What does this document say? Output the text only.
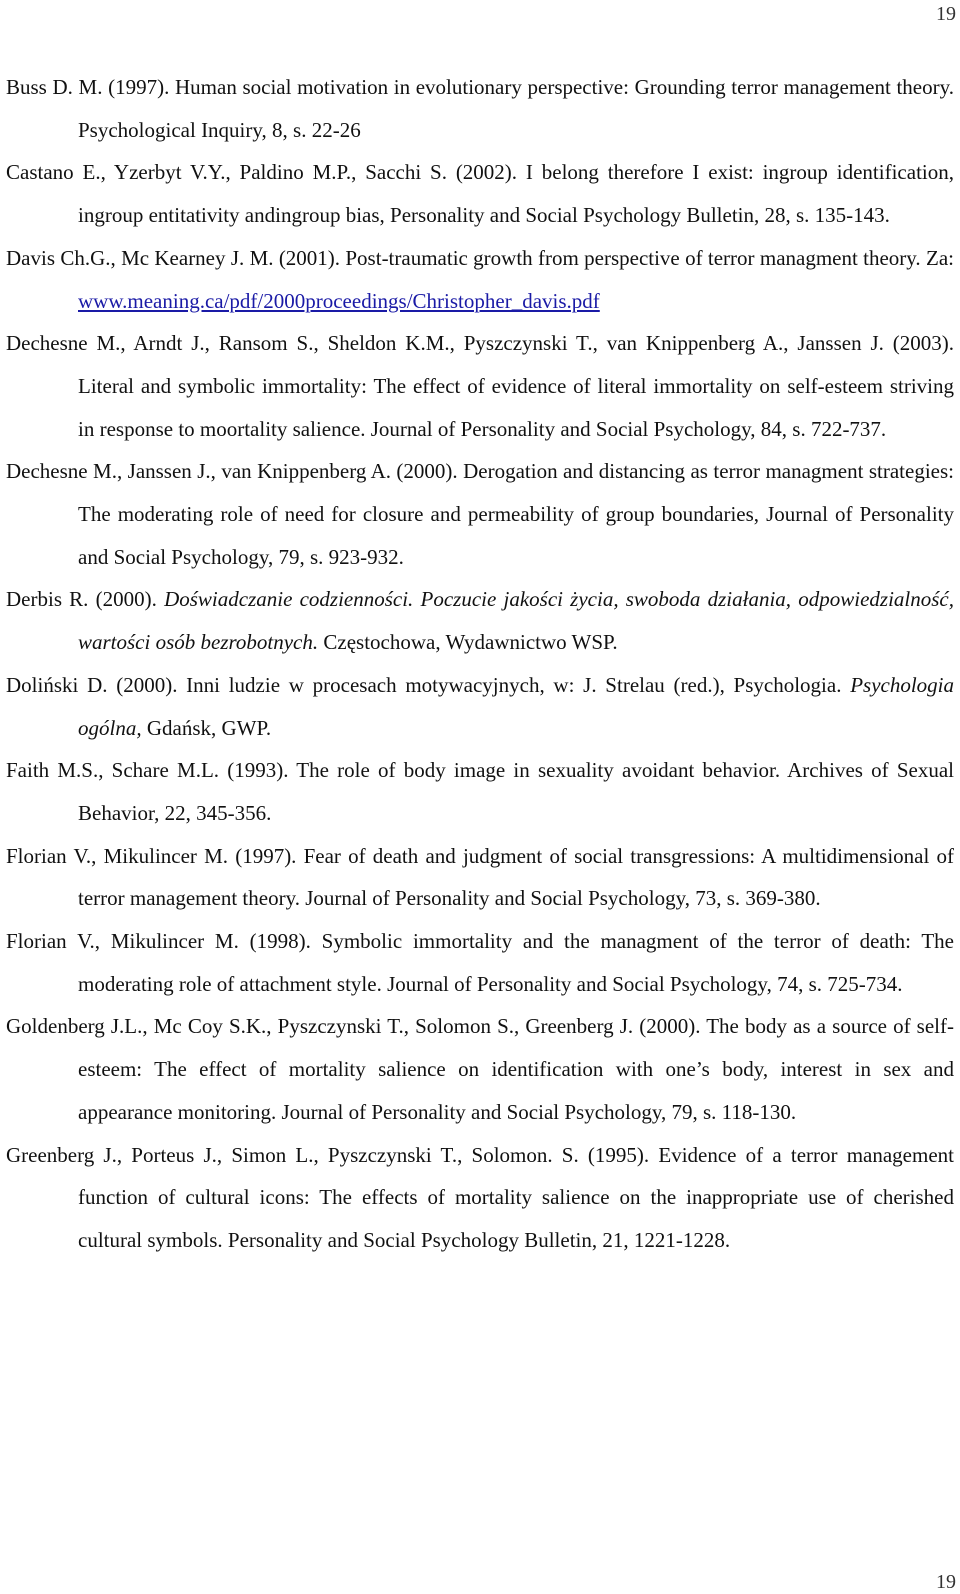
19
Buss D. M. (1997). Human social motivation in evolutionary perspective: Grounding terror management theory. Psychological Inquiry, 8, s. 22-26
Castano E., Yzerbyt V.Y., Paldino M.P., Sacchi S. (2002). I belong therefore I exist: ingroup identification, ingroup entitativity andingroup bias, Personality and Social Psychology Bulletin, 28, s. 135-143.
Davis Ch.G., Mc Kearney J. M. (2001). Post-traumatic growth from perspective of terror managment theory. Za: www.meaning.ca/pdf/2000proceedings/Christopher_davis.pdf
Dechesne M., Arndt J., Ransom S., Sheldon K.M., Pyszczynski T., van Knippenberg A., Janssen J. (2003). Literal and symbolic immortality: The effect of evidence of literal immortality on self-esteem striving in response to moortality salience. Journal of Personality and Social Psychology, 84, s. 722-737.
Dechesne M., Janssen J., van Knippenberg A. (2000). Derogation and distancing as terror managment strategies: The moderating role of need for closure and permeability of group boundaries, Journal of Personality and Social Psychology, 79, s. 923-932.
Derbis R. (2000). Doświadczanie codzienności. Poczucie jakości życia, swoboda działania, odpowiedzialność, wartości osób bezrobotnych. Częstochowa, Wydawnictwo WSP.
Doliński D. (2000). Inni ludzie w procesach motywacyjnych, w: J. Strelau (red.), Psychologia. Psychologia ogólna, Gdańsk, GWP.
Faith M.S., Schare M.L. (1993). The role of body image in sexuality avoidant behavior. Archives of Sexual Behavior, 22, 345-356.
Florian V., Mikulincer M. (1997). Fear of death and judgment of social transgressions: A multidimensional of terror management theory. Journal of Personality and Social Psychology, 73, s. 369-380.
Florian V., Mikulincer M. (1998). Symbolic immortality and the managment of the terror of death: The moderating role of attachment style. Journal of Personality and Social Psychology, 74, s. 725-734.
Goldenberg J.L., Mc Coy S.K., Pyszczynski T., Solomon S., Greenberg J. (2000). The body as a source of self-esteem: The effect of mortality salience on identification with one’s body, interest in sex and appearance monitoring. Journal of Personality and Social Psychology, 79, s. 118-130.
Greenberg J., Porteus J., Simon L., Pyszczynski T., Solomon. S. (1995). Evidence of a terror management function of cultural icons: The effects of mortality salience on the inappropriate use of cherished cultural symbols. Personality and Social Psychology Bulletin, 21, 1221-1228.
19
